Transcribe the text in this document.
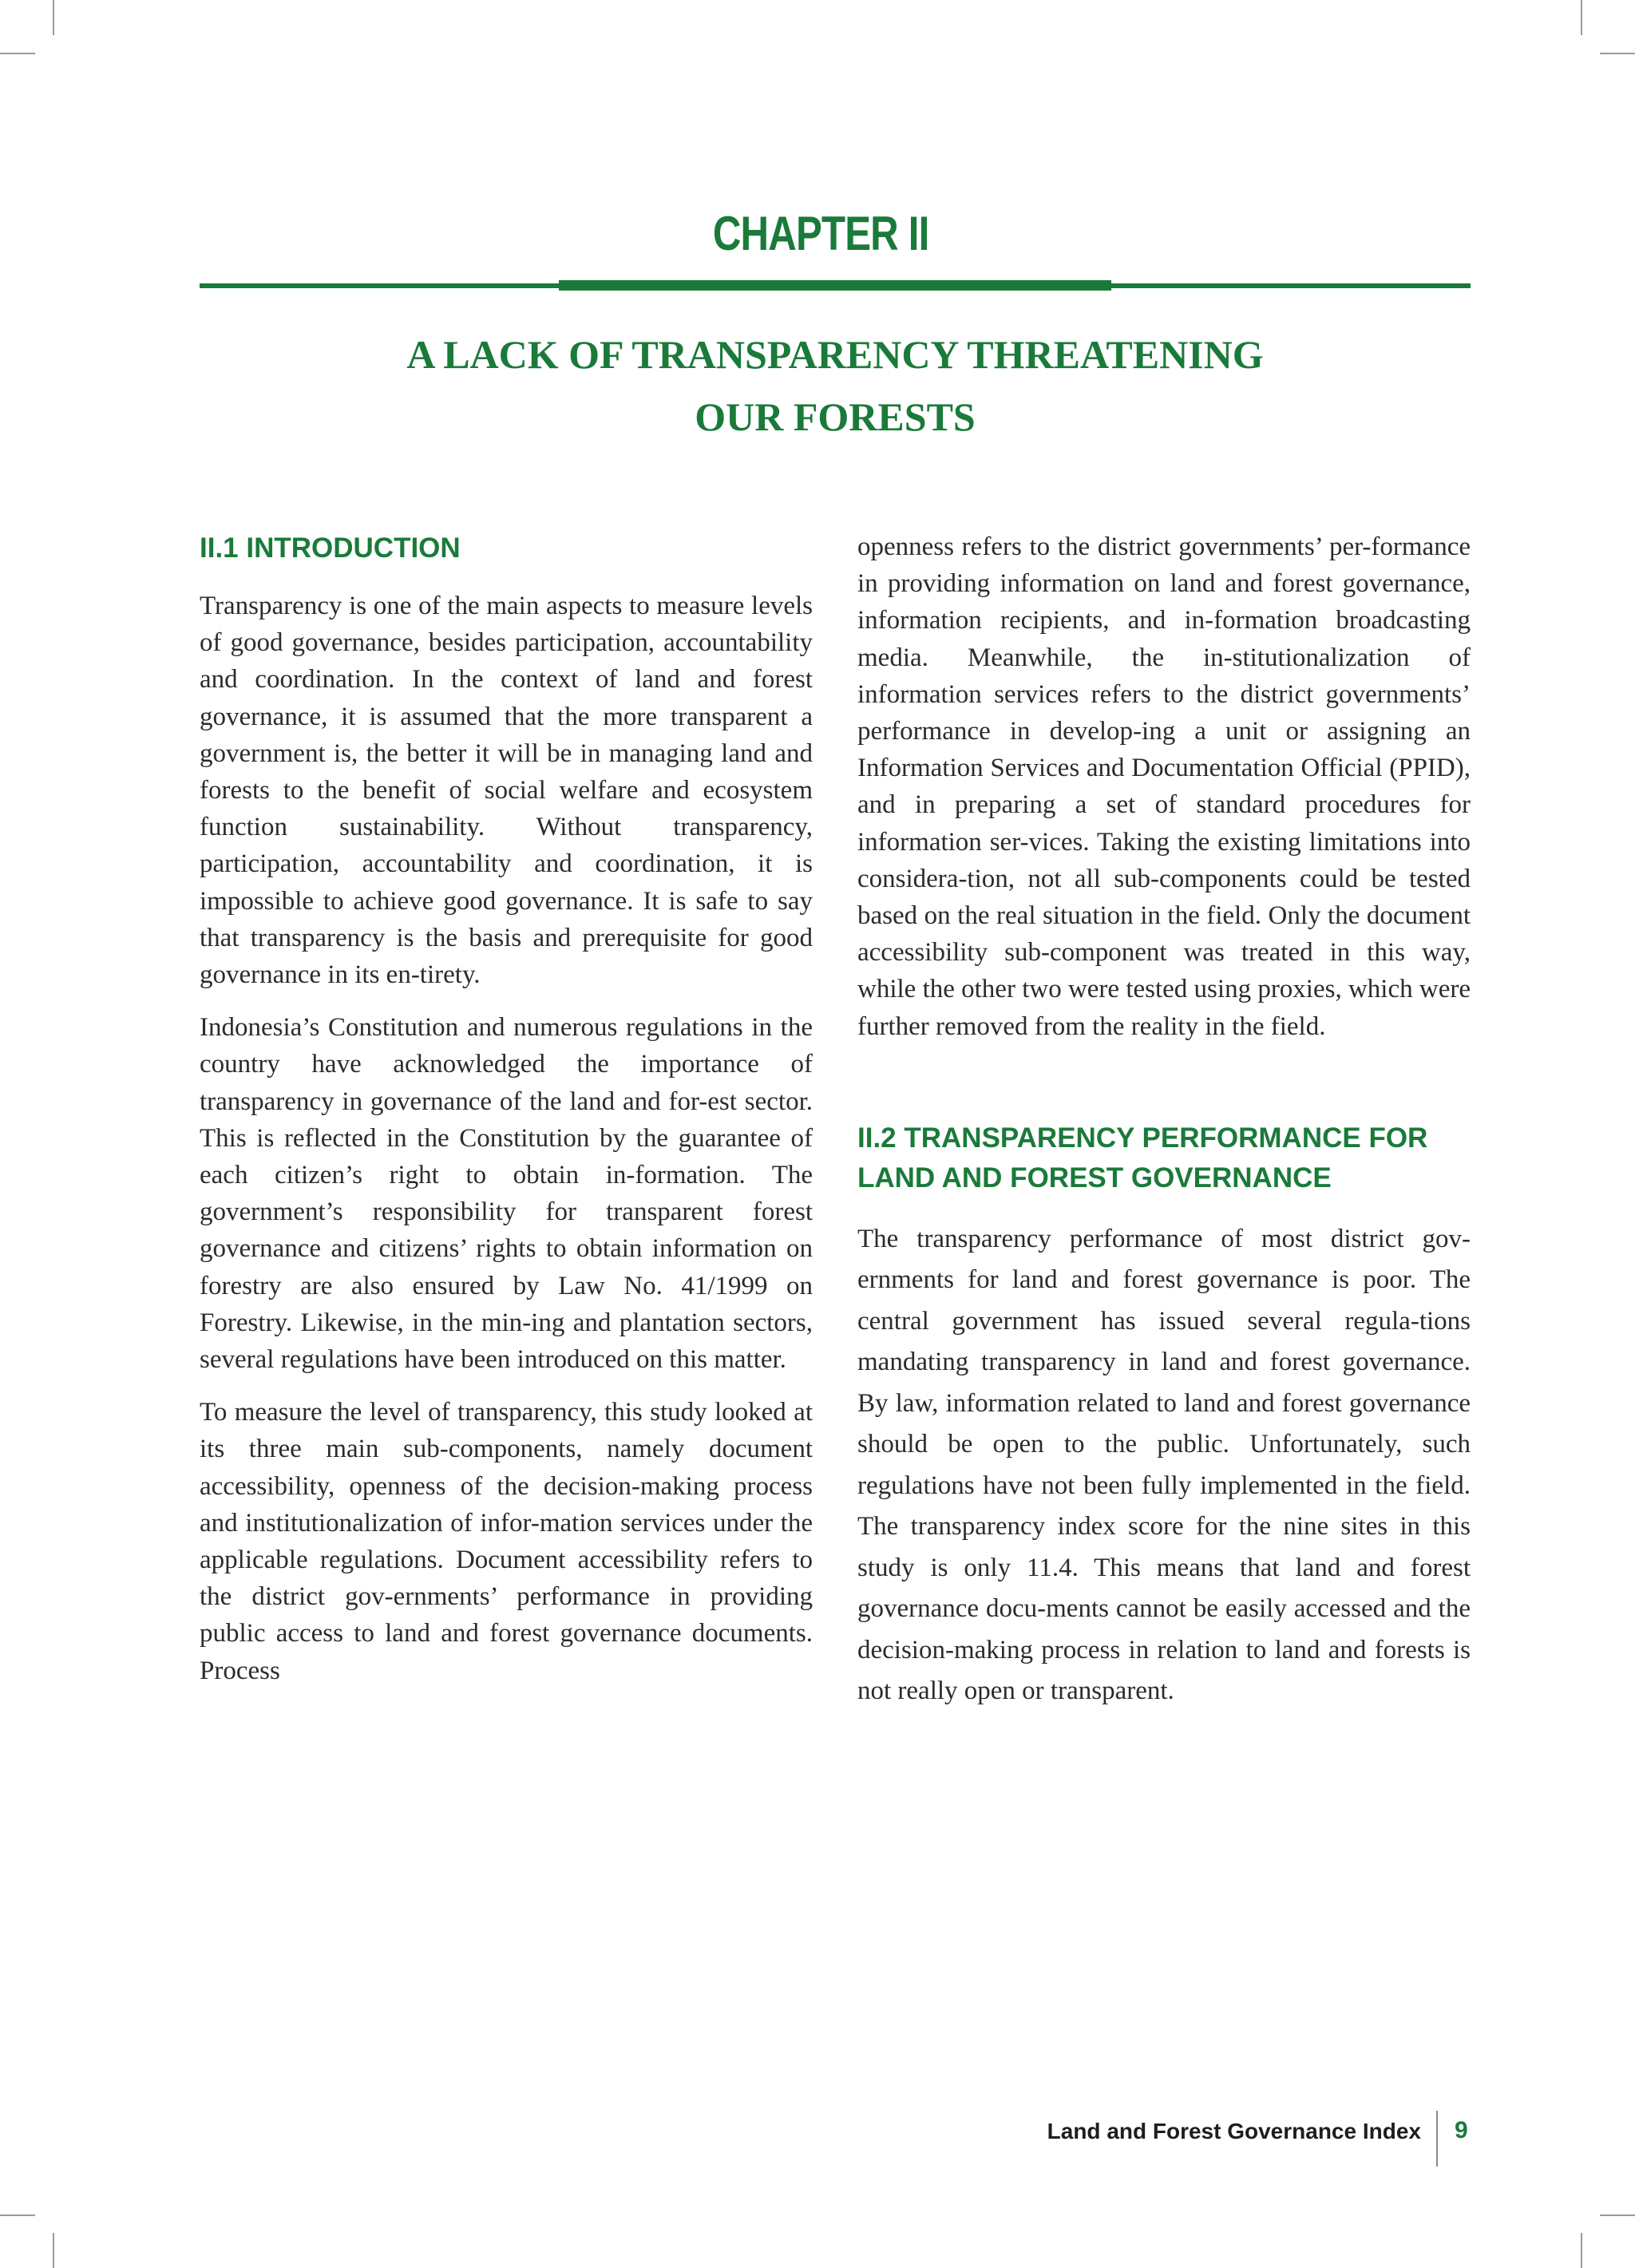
CHAPTER II
A LACK OF TRANSPARENCY THREATENING
OUR FORESTS
II.1 INTRODUCTION

Transparency is one of the main aspects to measure levels of good governance, besides participation, accountability and coordination. In the context of land and forest governance, it is assumed that the more transparent a government is, the better it will be in managing land and forests to the benefit of social welfare and ecosystem function sustainability. Without transparency, participation, accountability and coordination, it is impossible to achieve good governance. It is safe to say that transparency is the basis and prerequisite for good governance in its en-tirety.

Indonesia’s Constitution and numerous regulations in the country have acknowledged the importance of transparency in governance of the land and for-est sector. This is reflected in the Constitution by the guarantee of each citizen’s right to obtain in-formation. The government’s responsibility for transparent forest governance and citizens’ rights to obtain information on forestry are also ensured by Law No. 41/1999 on Forestry. Likewise, in the min-ing and plantation sectors, several regulations have been introduced on this matter.

To measure the level of transparency, this study looked at its three main sub-components, namely document accessibility, openness of the decision-making process and institutionalization of infor-mation services under the applicable regulations. Document accessibility refers to the district gov-ernments’ performance in providing public access to land and forest governance documents. Process

openness refers to the district governments’ per-formance in providing information on land and forest governance, information recipients, and in-formation broadcasting media. Meanwhile, the in-stitutionalization of information services refers to the district governments’ performance in develop-ing a unit or assigning an Information Services and Documentation Official (PPID), and in preparing a set of standard procedures for information ser-vices. Taking the existing limitations into considera-tion, not all sub-components could be tested based on the real situation in the field. Only the document accessibility sub-component was treated in this way, while the other two were tested using proxies, which were further removed from the reality in the field.

II.2 TRANSPARENCY PERFORMANCE FOR LAND AND FOREST GOVERNANCE

The transparency performance of most district gov-ernments for land and forest governance is poor. The central government has issued several regula-tions mandating transparency in land and forest governance. By law, information related to land and forest governance should be open to the public. Unfortunately, such regulations have not been fully implemented in the field. The transparency index score for the nine sites in this study is only 11.4. This means that land and forest governance docu-ments cannot be easily accessed and the decision-making process in relation to land and forests is not really open or transparent.

Land and Forest Governance Index 9
